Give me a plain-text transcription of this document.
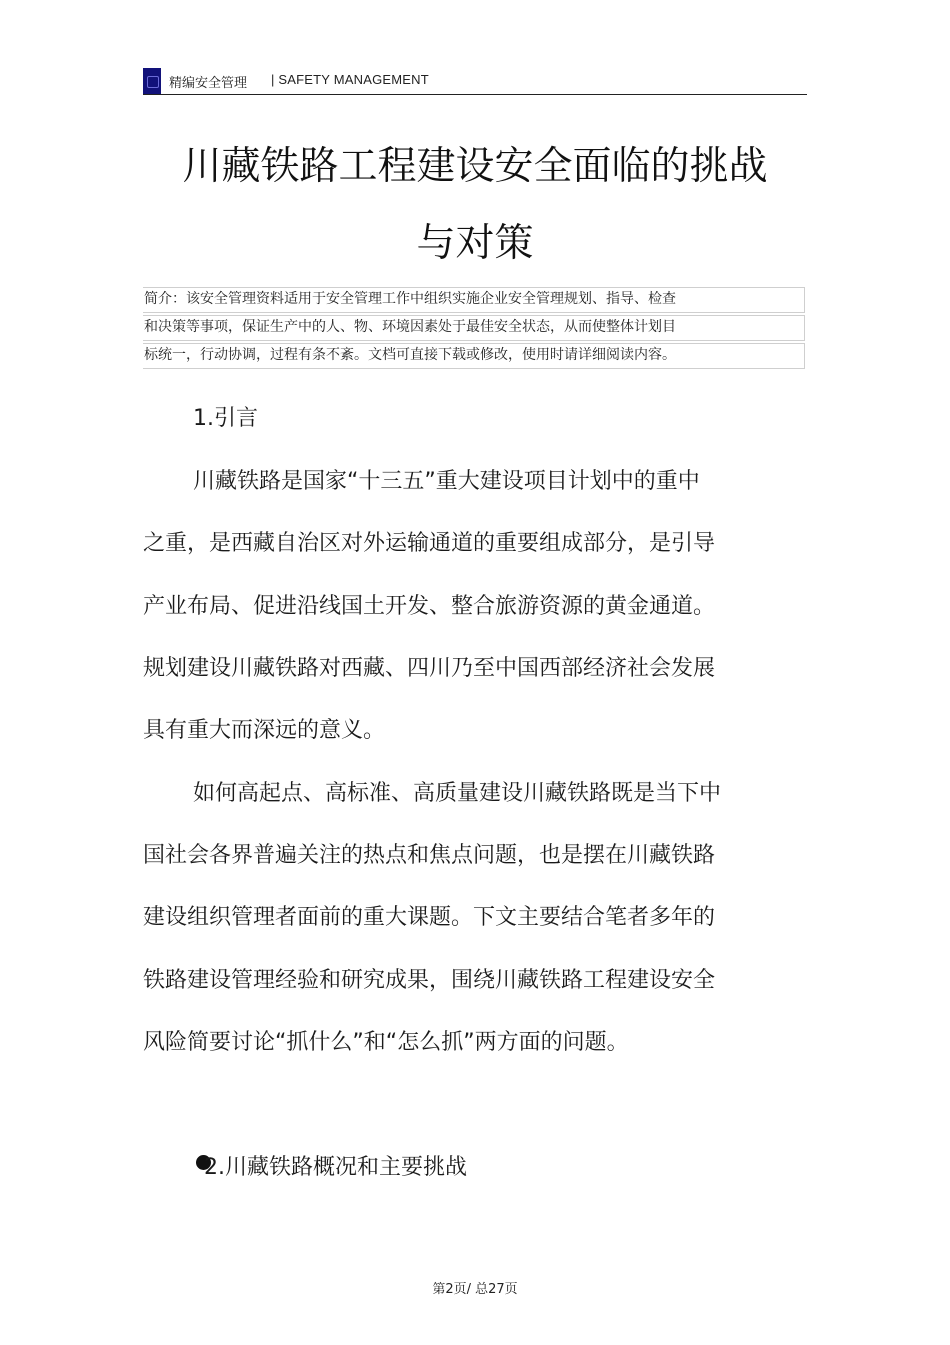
精编安全管理 | SAFETY MANAGEMENT
川藏铁路工程建设安全面临的挑战
与对策
简介：该安全管理资料适用于安全管理工作中组织实施企业安全管理规划、指导、检查
和决策等事项，保证生产中的人、物、环境因素处于最佳安全状态，从而使整体计划目
标统一，行动协调，过程有条不紊。文档可直接下载或修改，使用时请详细阅读内容。
1.引言
川藏铁路是国家“十三五”重大建设项目计划中的重中
之重，是西藏自治区对外运输通道的重要组成部分，是引导
产业布局、促进沿线国土开发、整合旅游资源的黄金通道。
规划建设川藏铁路对西藏、四川乃至中国西部经济社会发展
具有重大而深远的意义。
如何高起点、高标准、高质量建设川藏铁路既是当下中
国社会各界普遍关注的热点和焦点问题，也是摆在川藏铁路
建设组织管理者面前的重大课题。下文主要结合笔者多年的
铁路建设管理经验和研究成果，围绕川藏铁路工程建设安全
风险简要讨论“抓什么”和“怎么抓”两方面的问题。
2.川藏铁路概况和主要挑战
第2页/ 总27页
